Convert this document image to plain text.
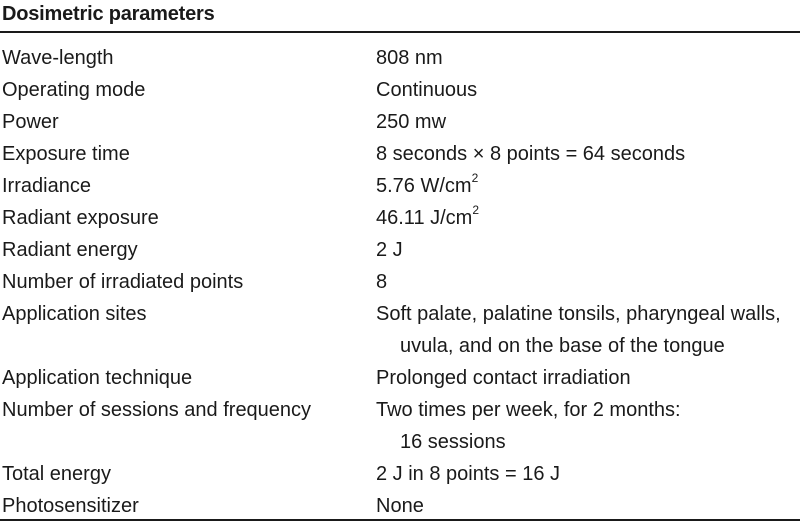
Dosimetric parameters
Wave-length	808 nm
Operating mode	Continuous
Power	250 mw
Exposure time	8 seconds × 8 points = 64 seconds
Irradiance	5.76 $W/cm^2$
Radiant exposure	46.11 $J/cm^2$
Radiant energy	2 J
Number of irradiated points	8
Application sites	Soft palate, palatine tonsils, pharyngeal walls,
uvula, and on the base of the tongue
Application technique	Prolonged contact irradiation
Number of sessions and frequency	Two times per week, for 2 months:
16 sessions
Total energy	2 J in 8 points = 16 J
Photosensitizer	None
